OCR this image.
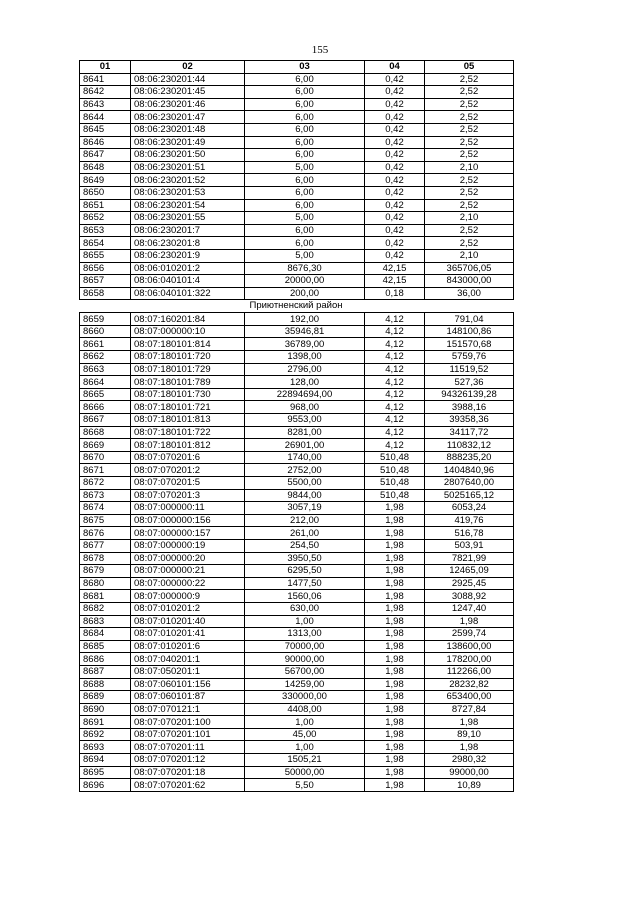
155
01	02	03	04	05
8641	08:06:230201:44	6,00	0,42	2,52
8642	08:06:230201:45	6,00	0,42	2,52
8643	08:06:230201:46	6,00	0,42	2,52
8644	08:06:230201:47	6,00	0,42	2,52
8645	08:06:230201:48	6,00	0,42	2,52
8646	08:06:230201:49	6,00	0,42	2,52
8647	08:06:230201:50	6,00	0,42	2,52
8648	08:06:230201:51	5,00	0,42	2,10
8649	08:06:230201:52	6,00	0,42	2,52
8650	08:06:230201:53	6,00	0,42	2,52
8651	08:06:230201:54	6,00	0,42	2,52
8652	08:06:230201:55	5,00	0,42	2,10
8653	08:06:230201:7	6,00	0,42	2,52
8654	08:06:230201:8	6,00	0,42	2,52
8655	08:06:230201:9	5,00	0,42	2,10
8656	08:06:010201:2	8676,30	42,15	365706,05
8657	08:06:040101:4	20000,00	42,15	843000,00
8658	08:06:040101:322	200,00	0,18	36,00
Приютненский район
8659	08:07:160201:84	192,00	4,12	791,04
8660	08:07:000000:10	35946,81	4,12	148100,86
8661	08:07:180101:814	36789,00	4,12	151570,68
8662	08:07:180101:720	1398,00	4,12	5759,76
8663	08:07:180101:729	2796,00	4,12	11519,52
8664	08:07:180101:789	128,00	4,12	527,36
8665	08:07:180101:730	22894694,00	4,12	94326139,28
8666	08:07:180101:721	968,00	4,12	3988,16
8667	08:07:180101:813	9553,00	4,12	39358,36
8668	08:07:180101:722	8281,00	4,12	34117,72
8669	08:07:180101:812	26901,00	4,12	110832,12
8670	08:07:070201:6	1740,00	510,48	888235,20
8671	08:07:070201:2	2752,00	510,48	1404840,96
8672	08:07:070201:5	5500,00	510,48	2807640,00
8673	08:07:070201:3	9844,00	510,48	5025165,12
8674	08:07:000000:11	3057,19	1,98	6053,24
8675	08:07:000000:156	212,00	1,98	419,76
8676	08:07:000000:157	261,00	1,98	516,78
8677	08:07:000000:19	254,50	1,98	503,91
8678	08:07:000000:20	3950,50	1,98	7821,99
8679	08:07:000000:21	6295,50	1,98	12465,09
8680	08:07:000000:22	1477,50	1,98	2925,45
8681	08:07:000000:9	1560,06	1,98	3088,92
8682	08:07:010201:2	630,00	1,98	1247,40
8683	08:07:010201:40	1,00	1,98	1,98
8684	08:07:010201:41	1313,00	1,98	2599,74
8685	08:07:010201:6	70000,00	1,98	138600,00
8686	08:07:040201:1	90000,00	1,98	178200,00
8687	08:07:050201:1	56700,00	1,98	112266,00
8688	08:07:060101:156	14259,00	1,98	28232,82
8689	08:07:060101:87	330000,00	1,98	653400,00
8690	08:07:070121:1	4408,00	1,98	8727,84
8691	08:07:070201:100	1,00	1,98	1,98
8692	08:07:070201:101	45,00	1,98	89,10
8693	08:07:070201:11	1,00	1,98	1,98
8694	08:07:070201:12	1505,21	1,98	2980,32
8695	08:07:070201:18	50000,00	1,98	99000,00
8696	08:07:070201:62	5,50	1,98	10,89
